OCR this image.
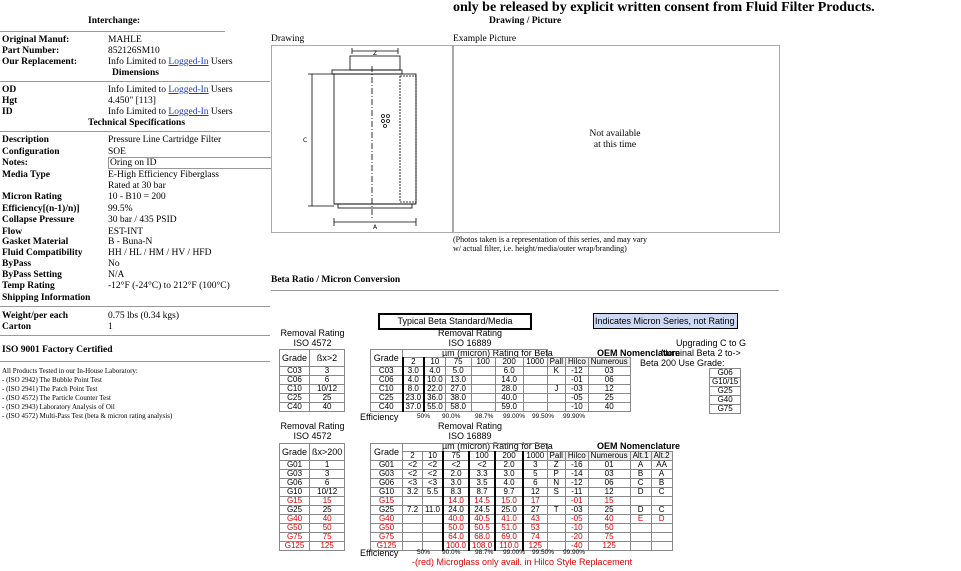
only be released by explicit written consent from Fluid Filter Products.
Interchange:	Drawing / Picture
Original Manuf:	MAHLE
Part Number:	852126SM10
Our Replacement:	Info Limited to Logged-In Users
Dimensions
OD	Info Limited to Logged-In Users
Hgt	4.450" [113]
ID	Info Limited to Logged-In Users
Technical Specifications
Description	Pressure Line Cartridge Filter
Configuration	SOE
Notes:	Oring on ID
Media Type	E-High Efficiency Fiberglass
Rated at 30 bar
Micron Rating	10 - B10 = 200
Efficiency[(n-1)/n)]	99.5%
Collapse Pressure	30 bar / 435 PSID
Flow	EST-INT
Gasket Material	B - Buna-N
Fluid Compatibility	HH / HL / HM / HV / HFD
ByPass	No
ByPass Setting	N/A
Temp Rating	-12°F (-24°C) to 212°F (100°C)
Shipping Information
Weight/per each	0.75 lbs (0.34 kgs)
Carton	1
ISO 9001 Factory Certified
All Products Tested in our In-House Laboratory:
- (ISO 2942) The Bubble Point Test
- (ISO 2941) The Patch Point Test
- (ISO 4572) The Particle Counter Test
- (ISO 2943) Laboratory Analysis of Oil
- (ISO 4572) Multi-Pass Test (beta & micron rating analysis)
Drawing
Z
C
A
Example Picture
Not available
at this time
(Photos taken is a representation of this series, and may vary
w/ actual filter, i.e. height/media/outer wrap/branding)
Beta Ratio / Micron Conversion
Typical Beta Standard/Media	Indicates Micron Series, not Rating
Removal Rating
ISO 4572
Removal Rating
ISO 16889	Upgrading C to G
Nominal Beta 2 to->
Beta 200 Use Grade:
Grade	ßx>2
C03	3
C06	6
C10	10/12
C25	25
C40	40
µm (micron) Rating for Beta	OEM Nomenclature
Grade									
	2	10	75	100	200	1000	Pall	Hilco	Numerous
C03	3.0	4.0	5.0		6.0		K	-12	03
C06	4.0	10.0	13.0		14.0			-01	06
C10	8.0	22.0	27.0		28.0		J	-03	12
C25	23.0	36.0	38.0		40.0			-05	25
C40	37.0	55.0	58.0		59.0			-10	40
G06
G10/15
G25
G40
G75
Efficiency	50% 90.0% 98.7% 99.00% 99.50% 99.90%
Removal Rating
ISO 4572
Removal Rating
ISO 16889
Grade	ßx>200
G01	1
G03	3
G06	6
G10	10/12
G15	15
G25	25
G40	40
G50	50
G75	75
G125	125
µm (micron) Rating for Beta	OEM Nomenclature
Grade											
	2	10	75	100	200	1000	Pall	Hilco	Numerous	Alt.1	Alt.2
G01	<2	<2	<2	<2	2.0	3	Z	-16	01	A	AA
G03	<2	<2	2.0	3.3	3.0	5	P	-14	03	B	A
G06	<3	<3	3.0	3.5	4.0	6	N	-12	06	C	B
G10	3.2	5.5	8.3	8.7	9.7	12	S	-11	12	D	C
G15			14.0	14.5	15.0	17		-01	15		
G25	7.2	11.0	24.0	24.5	25.0	27	T	-03	25	D	C
G40			40.0	40.5	41.0	43		-05	40	E	D
G50			50.0	50.5	51.0	53		-10	50		
G75			64.0	68.0	69.0	74		-20	75		
G125			100.0	108.0	110.0	125		-40	125		
Efficiency	50% 90.0% 98.7% 99.00% 99.50% 99.90%
-(red) Microglass only avail. in Hilco Style Replacement
